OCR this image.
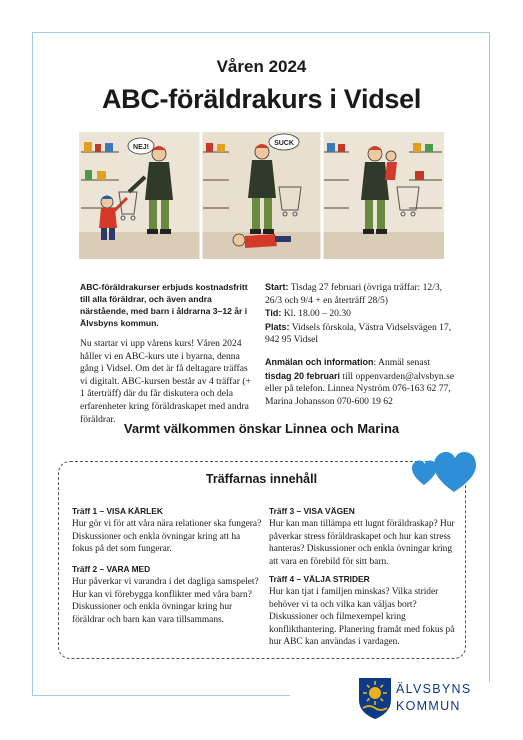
Våren 2024
ABC-föräldrakurs i Vidsel
NEJ!
SUCK

ABC-föräldrakurser erbjuds kostnadsfritt till alla föräldrar, och även andra närstående, med barn i åldrarna 3–12 år i Älvsbyns kommun.

Nu startar vi upp vårens kurs! Våren 2024 håller vi en ABC-kurs ute i byarna, denna gång i Vidsel. Om det är få deltagare träffas vi digitalt. ABC-kursen består av 4 träffar (+ 1 återträff) där du får diskutera och dela erfarenheter kring föräldraskapet med andra föräldrar.

Start: Tisdag 27 februari (övriga träffar: 12/3, 26/3 och 9/4 + en återträff 28/5)

Tid: Kl. 18.00 – 20.30

Plats: Vidsels förskola, Västra Vidselsvägen 17, 942 95 Vidsel

Anmälan och information: Anmäl senast tisdag 20 februari till oppenvarden@alvsbyn.se eller på telefon. Linnea Nyström 076-163 62 77, Marina Johansson 070-600 19 62

Varmt välkommen önskar Linnea och Marina
Träffarnas innehåll
Träff 1 – VISA KÄRLEK
Hur gör vi för att våra nära relationer ska fungera? Diskussioner och enkla övningar kring att ha fokus på det som fungerar.
Träff 2 – VARA MED
Hur påverkar vi varandra i det dagliga samspelet? Hur kan vi förebygga konflikter med våra barn? Diskussioner och enkla övningar kring hur föräldrar och barn kan vara tillsammans.
Träff 3 – VISA VÄGEN
Hur kan man tillämpa ett lugnt föräldraskap? Hur påverkar stress föräldraskapet och hur kan stress hanteras? Diskussioner och enkla övningar kring att vara en förebild för sitt barn.
Träff 4 – VÄLJA STRIDER
Hur kan tjat i familjen minskas? Vilka strider behöver vi ta och vilka kan väljas bort? Diskussioner och filmexempel kring konflikthantering. Planering framåt med fokus på hur ABC kan användas i vardagen.
ÄLVSBYNS
KOMMUN
